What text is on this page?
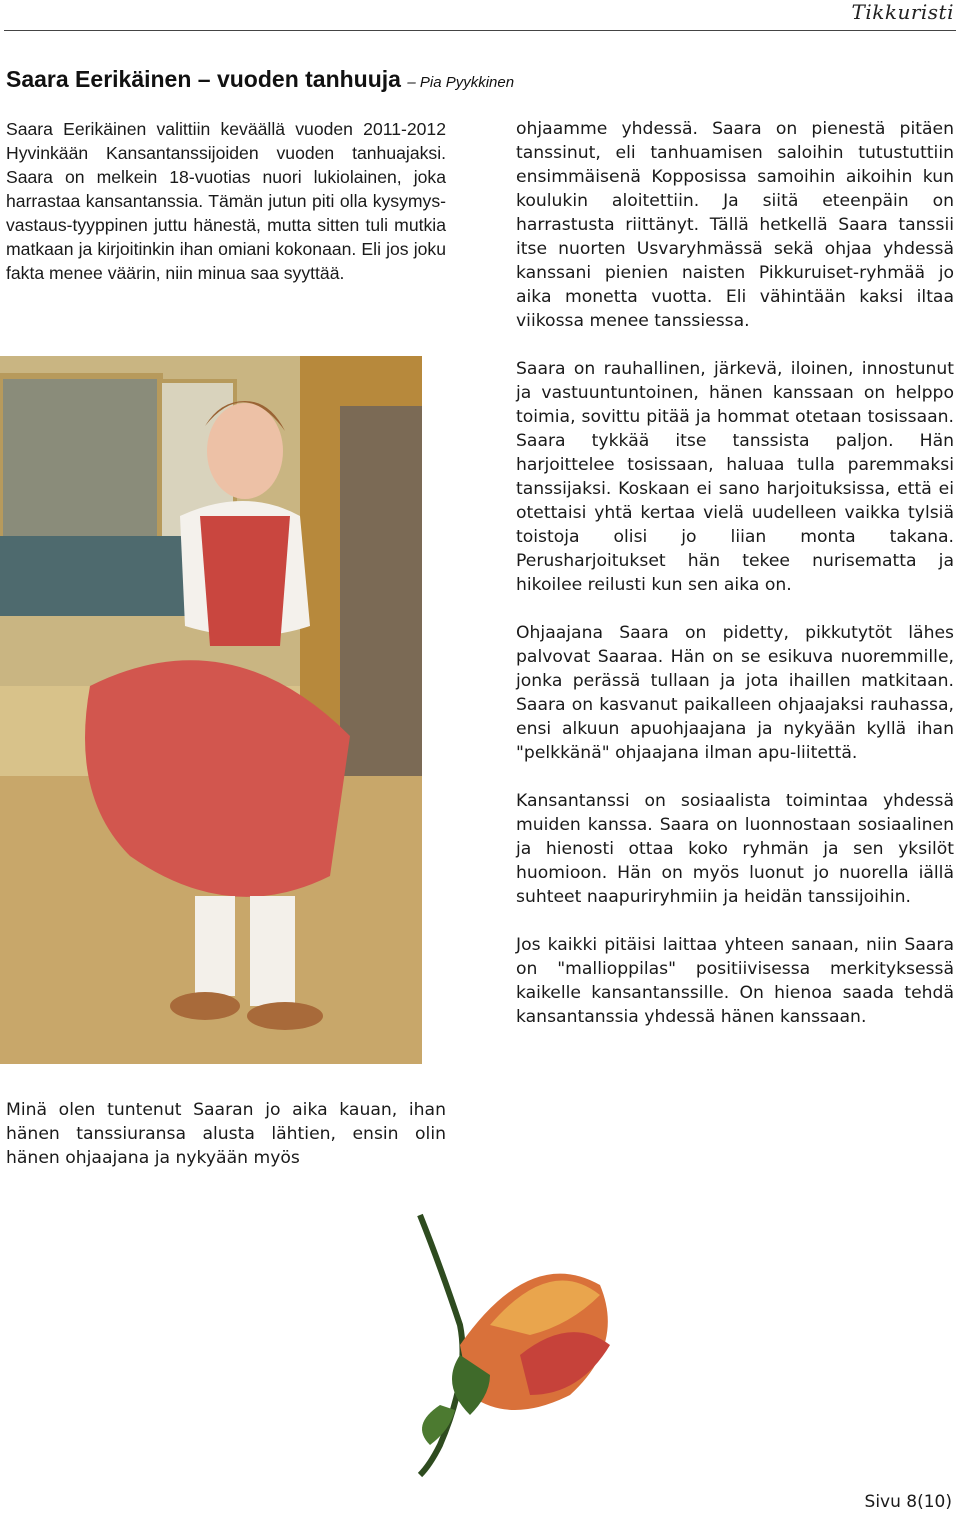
Tikkuristi
Saara Eerikäinen – vuoden tanhuuja – Pia Pyykkinen
Saara Eerikäinen valittiin keväällä vuoden 2011-2012 Hyvinkään Kansantanssijoiden vuoden tanhuajaksi. Saara on melkein 18-vuotias nuori lukiolainen, joka harrastaa kansantanssia. Tämän jutun piti olla kysymys-vastaus-tyyppinen juttu hänestä, mutta sitten tuli mutkia matkaan ja kirjoitinkin ihan omiani kokonaan. Eli jos joku fakta menee väärin, niin minua saa syyttää.
Minä olen tuntenut Saaran jo aika kauan, ihan hänen tanssiuransa alusta lähtien, ensin olin hänen ohjaajana ja nykyään myös

ohjaamme yhdessä. Saara on pienestä pitäen tanssinut, eli tanhuamisen saloihin tutustuttiin ensimmäisenä Kopposissa samoihin aikoihin kun koulukin aloitettiin. Ja siitä eteenpäin on harrastusta riittänyt. Tällä hetkellä Saara tanssii itse nuorten Usvaryhmässä sekä ohjaa yhdessä kanssani pienien naisten Pikkuruiset-ryhmää jo aika monetta vuotta. Eli vähintään kaksi iltaa viikossa menee tanssiessa.

Saara on rauhallinen, järkevä, iloinen, innostunut ja vastuuntuntoinen, hänen kanssaan on helppo toimia, sovittu pitää ja hommat otetaan tosissaan. Saara tykkää itse tanssista paljon. Hän harjoittelee tosissaan, haluaa tulla paremmaksi tanssijaksi. Koskaan ei sano harjoituksissa, että ei otettaisi yhtä kertaa vielä uudelleen vaikka tylsiä toistoja olisi jo liian monta takana. Perusharjoitukset hän tekee nurisematta ja hikoilee reilusti kun sen aika on.

Ohjaajana Saara on pidetty, pikkutytöt lähes palvovat Saaraa. Hän on se esikuva nuoremmille, jonka perässä tullaan ja jota ihaillen matkitaan. Saara on kasvanut paikalleen ohjaajaksi rauhassa, ensi alkuun apuohjaajana ja nykyään kyllä ihan "pelkkänä" ohjaajana ilman apu-liitettä.

Kansantanssi on sosiaalista toimintaa yhdessä muiden kanssa. Saara on luonnostaan sosiaalinen ja hienosti ottaa koko ryhmän ja sen yksilöt huomioon. Hän on myös luonut jo nuorella iällä suhteet naapuriryhmiin ja heidän tanssijoihin.

Jos kaikki pitäisi laittaa yhteen sanaan, niin Saara on "mallioppilas" positiivisessa merkityksessä kaikelle kansantanssille. On hienoa saada tehdä kansantanssia yhdessä hänen kanssaan.

Sivu 8(10)
